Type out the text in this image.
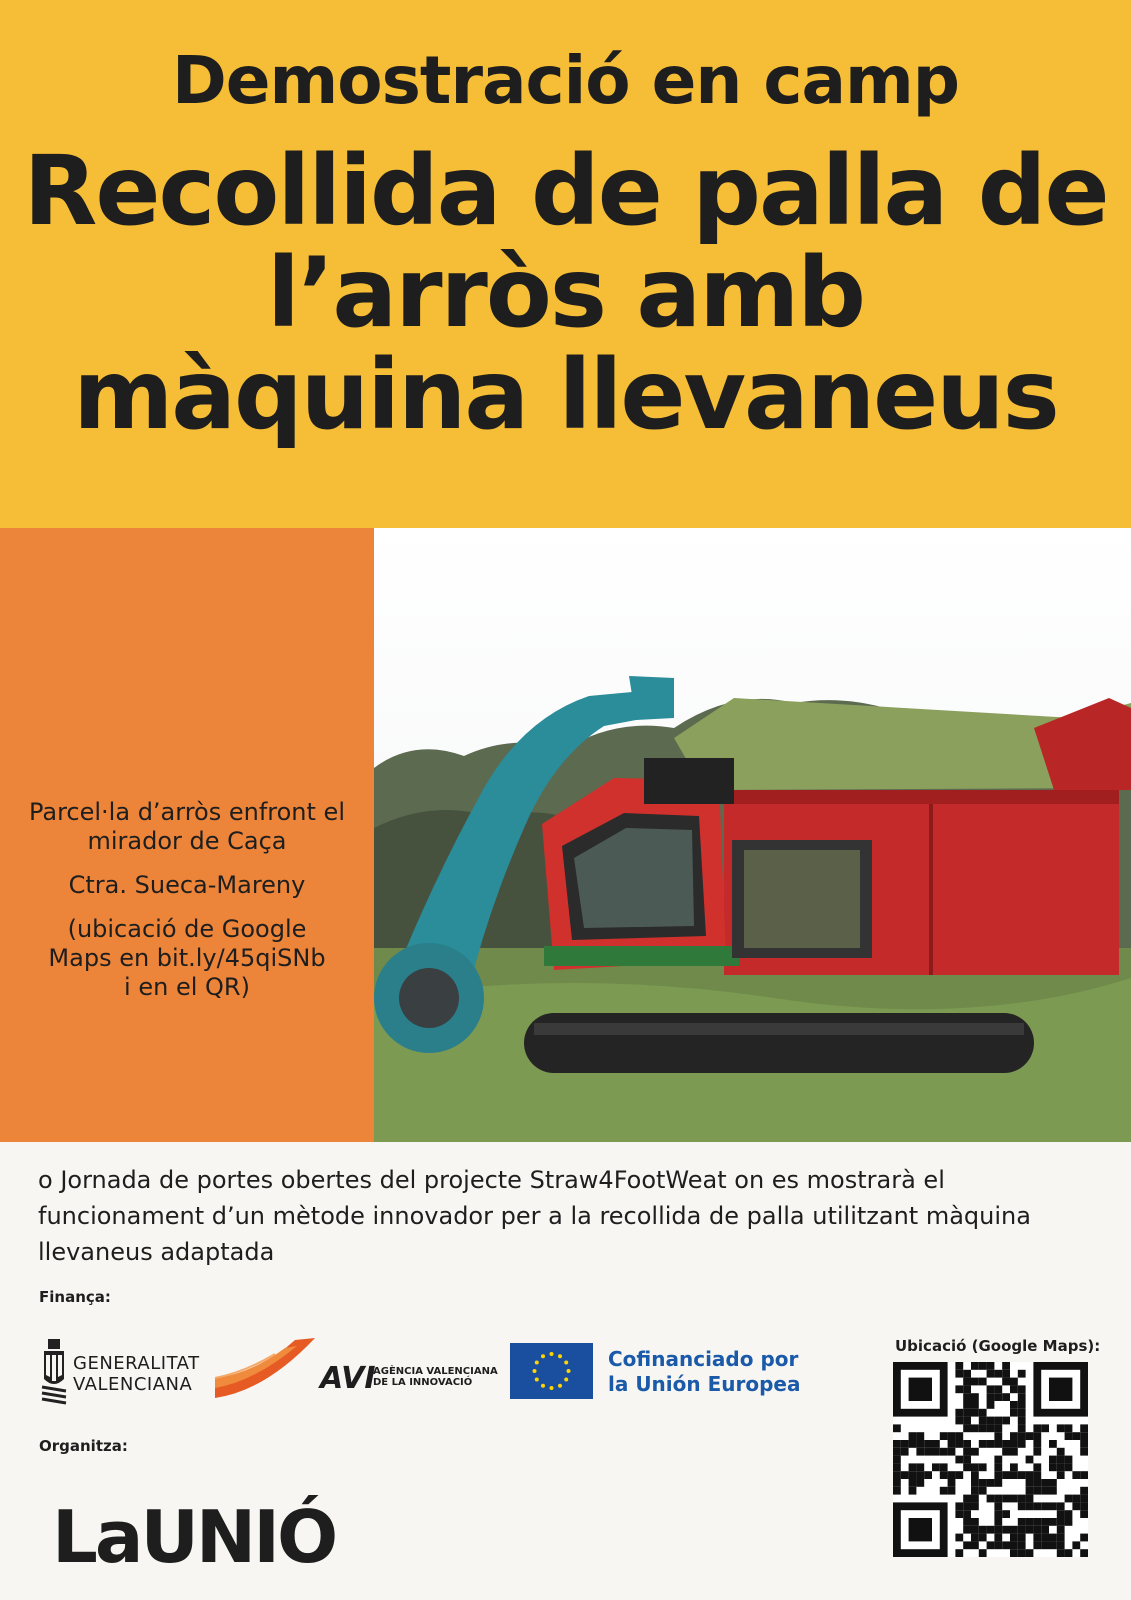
Demostració en camp
Recollida de palla de
l’arròs amb
màquina llevaneus
Parcel·la d’arròs enfront el
mirador de Caça
Ctra. Sueca-Mareny
(ubicació de Google
Maps en bit.ly/45qiSNb
i en el QR)
o Jornada de portes obertes del projecte Straw4FootWeat on es mostrarà el funcionament d’un mètode innovador per a la recollida de palla utilitzant màquina llevaneus adaptada
Finança:
GENERALITAT
VALENCIANA	AVI
AGÈNCIA VALENCIANA
DE LA INNOVACIÓ
Cofinanciado por
la Unión Europea
Organitza:
LaUNIÓ
Ubicació (Google Maps):
